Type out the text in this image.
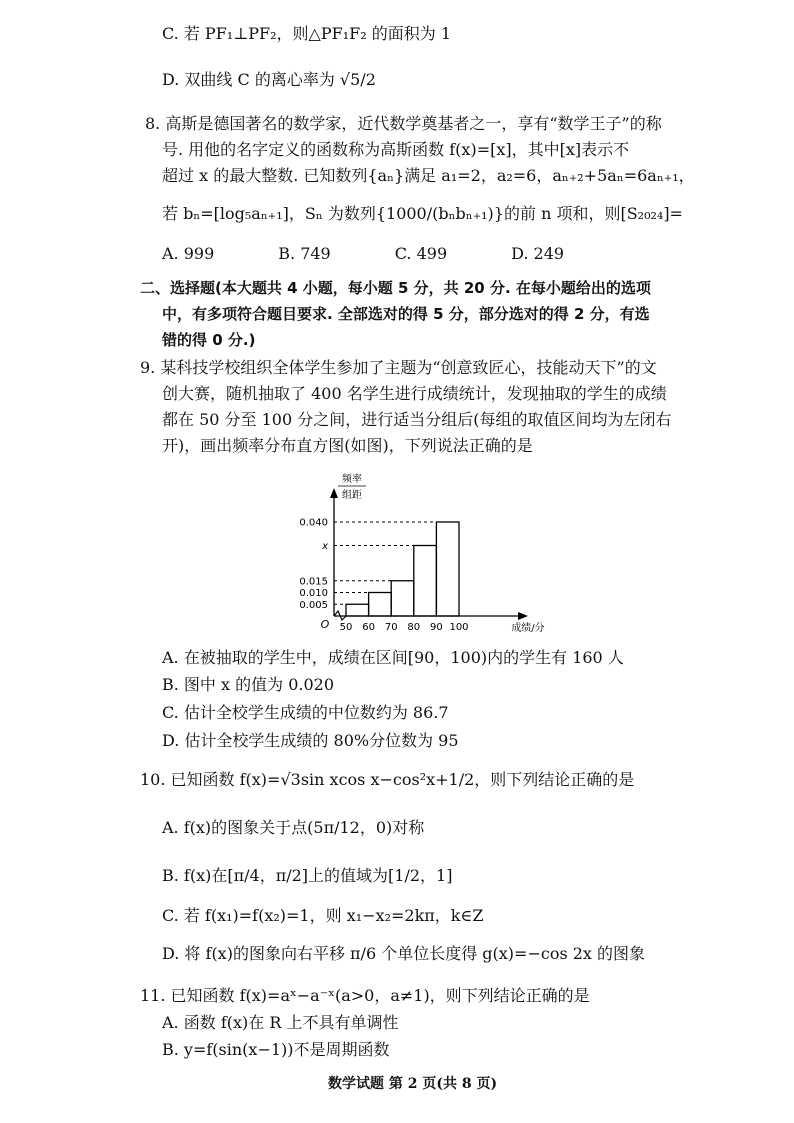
C. 若 PF₁⊥PF₂，则△PF₁F₂ 的面积为 1
D. 双曲线 C 的离心率为 √5/2
8. 高斯是德国著名的数学家，近代数学奠基者之一，享有“数学王子”的称
号. 用他的名字定义的函数称为高斯函数 f(x)=[x]，其中[x]表示不
超过 x 的最大整数. 已知数列{aₙ}满足 a₁=2，a₂=6，aₙ₊₂+5aₙ=6aₙ₊₁，
若 bₙ=[log₅aₙ₊₁]，Sₙ 为数列{1000/(bₙbₙ₊₁)}的前 n 项和，则[S₂₀₂₄]=
A. 999　　　　B. 749　　　　C. 499　　　　D. 249
二、选择题(本大题共 4 小题，每小题 5 分，共 20 分. 在每小题给出的选项
中，有多项符合题目要求. 全部选对的得 5 分，部分选对的得 2 分，有选
错的得 0 分.)
9. 某科技学校组织全体学生参加了主题为“创意致匠心，技能动天下”的文
创大赛，随机抽取了 400 名学生进行成绩统计，发现抽取的学生的成绩
都在 50 分至 100 分之间，进行适当分组后(每组的取值区间均为左闭右
开)，画出频率分布直方图(如图)，下列说法正确的是
A. 在被抽取的学生中，成绩在区间[90，100)内的学生有 160 人
B. 图中 x 的值为 0.020
C. 估计全校学生成绩的中位数约为 86.7
D. 估计全校学生成绩的 80%分位数为 95
10. 已知函数 f(x)=√3sin xcos x−cos²x+1/2，则下列结论正确的是
A. f(x)的图象关于点(5π/12，0)对称
B. f(x)在[π/4，π/2]上的值域为[1/2，1]
C. 若 f(x₁)=f(x₂)=1，则 x₁−x₂=2kπ，k∈Z
D. 将 f(x)的图象向右平移 π/6 个单位长度得 g(x)=−cos 2x 的图象
11. 已知函数 f(x)=aˣ−a⁻ˣ(a>0，a≠1)，则下列结论正确的是
A. 函数 f(x)在 R 上不具有单调性
B. y=f(sin(x−1))不是周期函数
数学试题 第 2 页(共 8 页)
0.005
0.010
0.015
x
0.040
50 60 70 80 90 100
O	成绩/分
频率
组距
